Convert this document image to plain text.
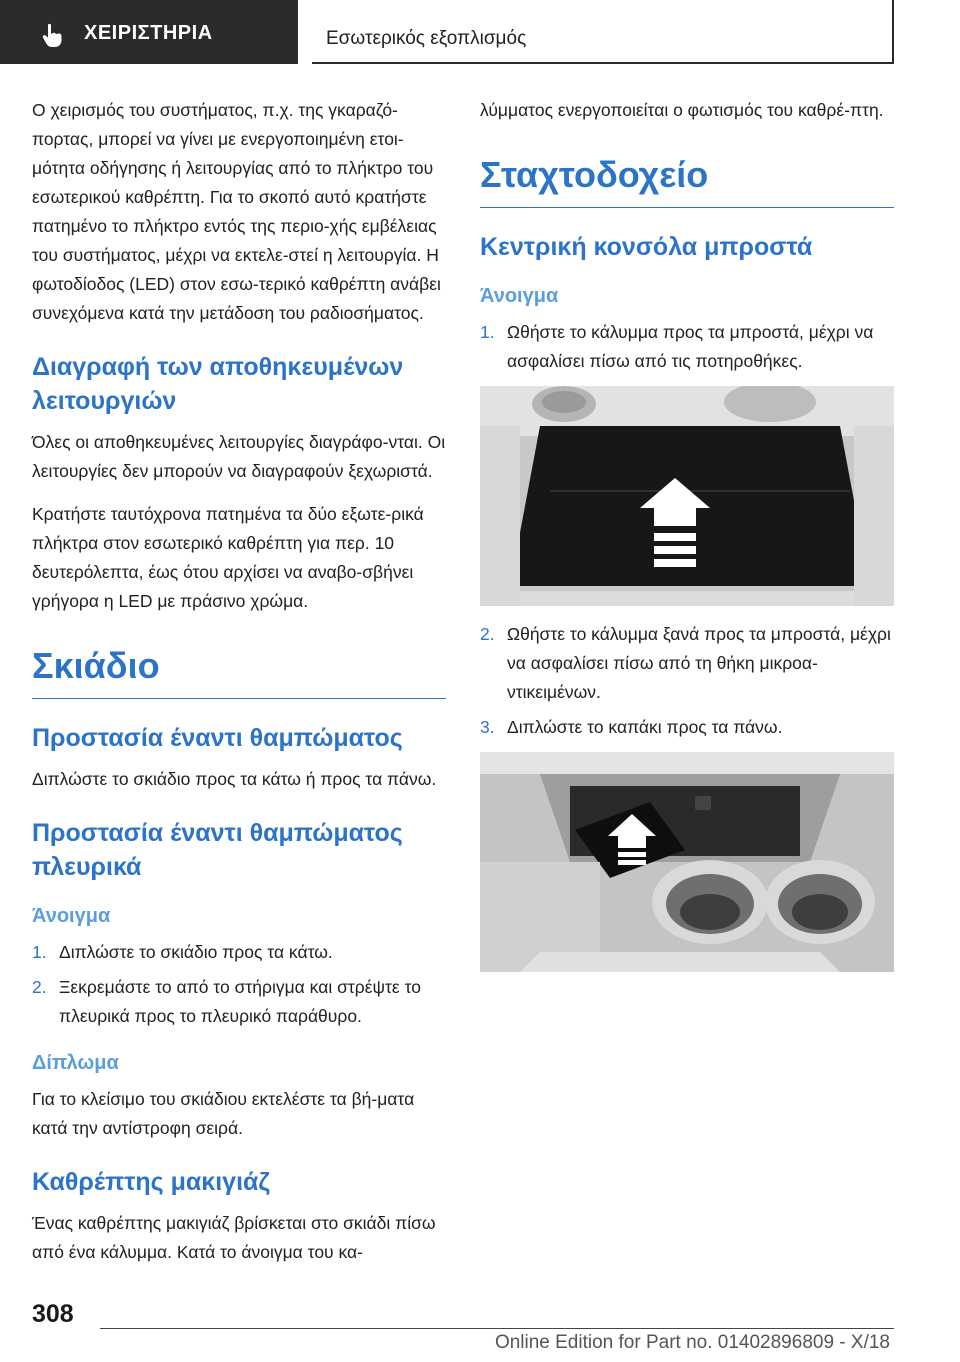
ΧΕΙΡΙΣΤΗΡΙΑ	Εσωτερικός εξοπλισμός

Ο χειρισμός του συστήματος, π.χ. της γκαραζό-πορτας, μπορεί να γίνει με ενεργοποιημένη ετοι-μότητα οδήγησης ή λειτουργίας από το πλήκτρο του εσωτερικού καθρέπτη. Για το σκοπό αυτό κρατήστε πατημένο το πλήκτρο εντός της περιο-χής εμβέλειας του συστήματος, μέχρι να εκτελε-στεί η λειτουργία. Η φωτοδίοδος (LED) στον εσω-τερικό καθρέπτη ανάβει συνεχόμενα κατά την μετάδοση του ραδιοσήματος.

Διαγραφή των αποθηκευμένων λειτουργιών

Όλες οι αποθηκευμένες λειτουργίες διαγράφο-νται. Οι λειτουργίες δεν μπορούν να διαγραφούν ξεχωριστά.

Κρατήστε ταυτόχρονα πατημένα τα δύο εξωτε-ρικά πλήκτρα στον εσωτερικό καθρέπτη για περ. 10 δευτερόλεπτα, έως ότου αρχίσει να αναβο-σβήνει γρήγορα η LED με πράσινο χρώμα.

Σκιάδιο
Προστασία έναντι θαμπώματος

Διπλώστε το σκιάδιο προς τα κάτω ή προς τα πάνω.

Προστασία έναντι θαμπώματος πλευρικά
Άνοιγμα
1. Διπλώστε το σκιάδιο προς τα κάτω.
2. Ξεκρεμάστε το από το στήριγμα και στρέψτε το πλευρικά προς το πλευρικό παράθυρο.
Δίπλωμα

Για το κλείσιμο του σκιάδιου εκτελέστε τα βή-ματα κατά την αντίστροφη σειρά.

Καθρέπτης μακιγιάζ

Ένας καθρέπτης μακιγιάζ βρίσκεται στο σκιάδι πίσω από ένα κάλυμμα. Κατά το άνοιγμα του κα-

λύμματος ενεργοποιείται ο φωτισμός του καθρέ-πτη.

Σταχτοδοχείο
Κεντρική κονσόλα μπροστά
Άνοιγμα
1. Ωθήστε το κάλυμμα προς τα μπροστά, μέχρι να ασφαλίσει πίσω από τις ποτηροθήκες.
2. Ωθήστε το κάλυμμα ξανά προς τα μπροστά, μέχρι να ασφαλίσει πίσω από τη θήκη μικροα-ντικειμένων.
3. Διπλώστε το καπάκι προς τα πάνω.
308
Online Edition for Part no. 01402896809 - X/18
